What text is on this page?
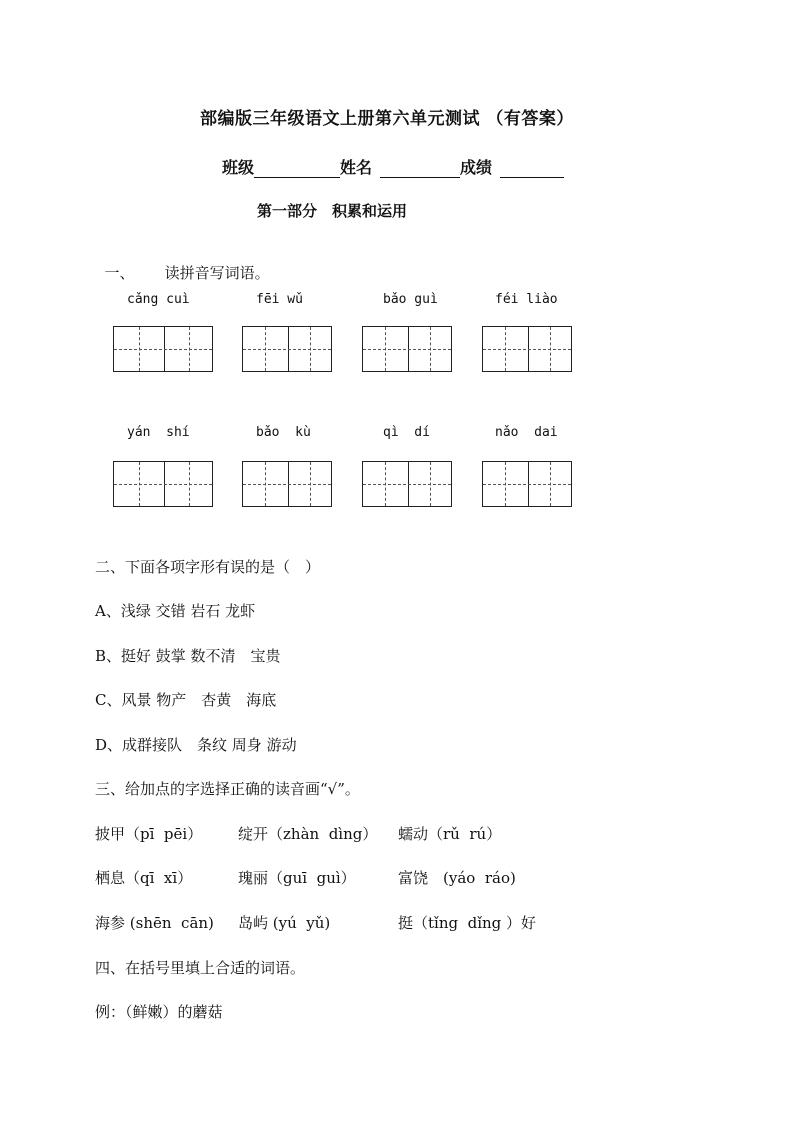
部编版三年级语文上册第六单元测试 （有答案）
班级	姓名	成绩
第一部分　积累和运用

一、 读拼音写词语。

cǎng cuì	fēi wǔ	bǎo guì	féi liào
yán  shí	bǎo  kù	qì  dí	nǎo  dai
二、下面各项字形有误的是（　）
A、浅绿 交错 岩石 龙虾
B、挺好 鼓掌 数不清　宝贵
C、风景 物产　杏黄　海底
D、成群接队　条纹 周身 游动
三、给加点的字选择正确的读音画“√”。
披甲（pī  pēi） 绽开（zhàn  dìng） 蠕动（rǔ  rú）
栖息（qī  xī）	瑰丽（guī  guì）	富饶　(yáo  ráo)
海参 (shēn  cān) 岛屿 (yú  yǔ)	挺（tǐng  dǐng ）好
四、在括号里填上合适的词语。
例：（鲜嫩）的蘑菇
